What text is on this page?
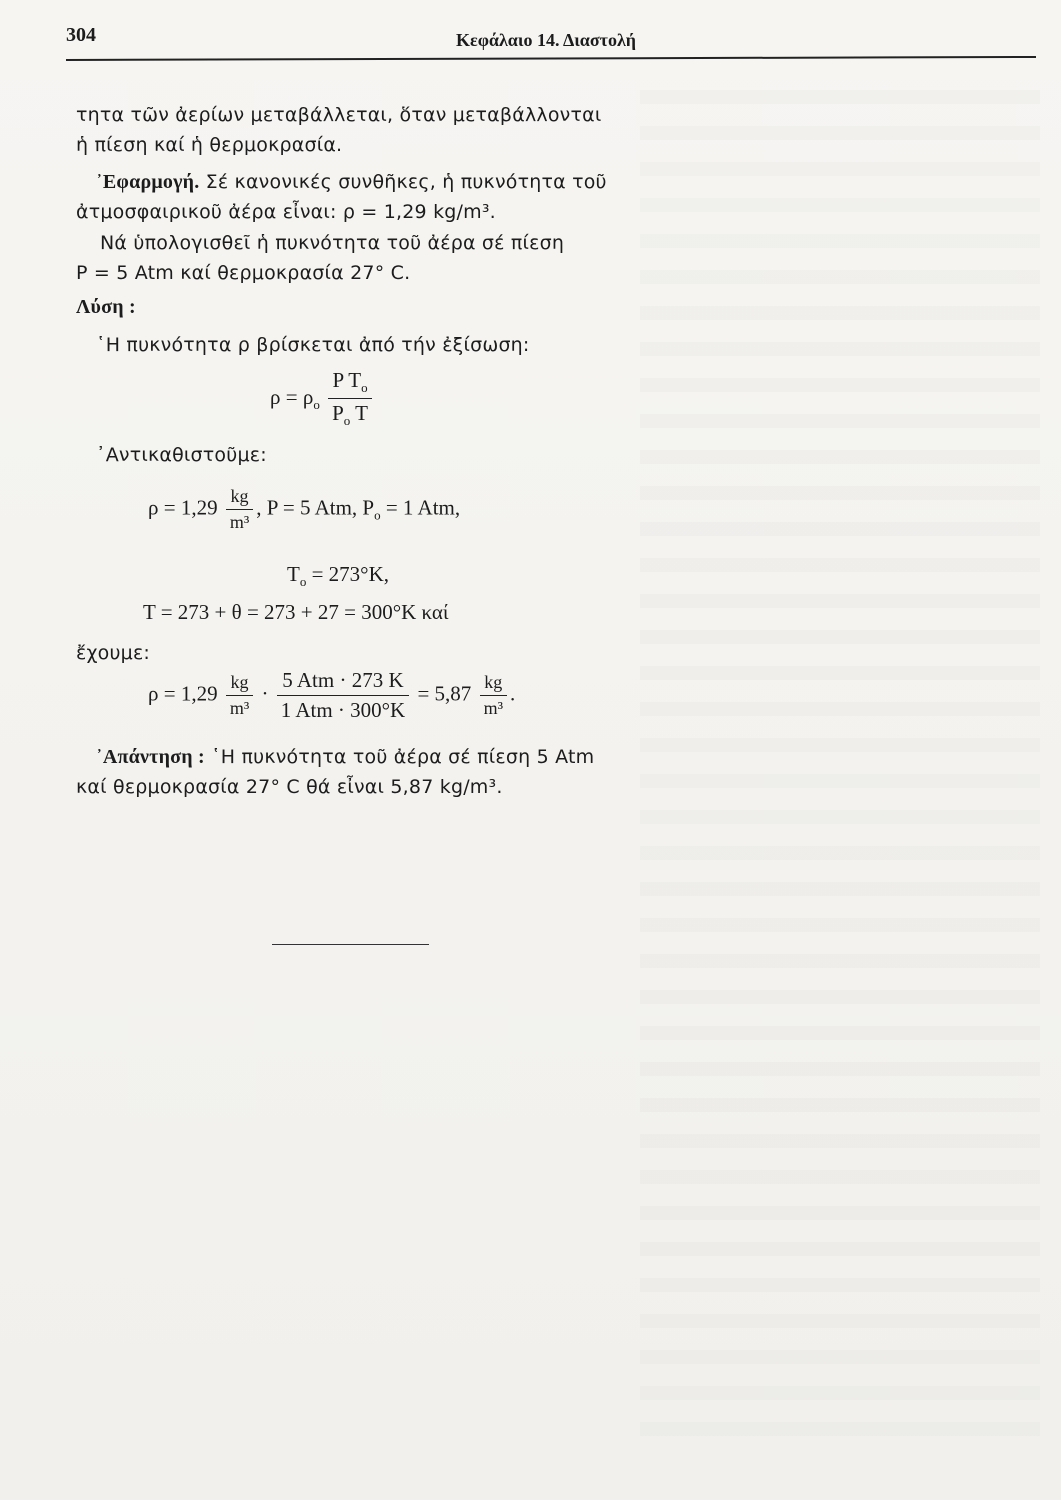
304	Κεφάλαιο 14. Διαστολή
τητα τῶν ἀερίων μεταβάλλεται, ὅταν μεταβάλλονται
ἡ πίεση καί ἡ θερμοκρασία.
᾿Εφαρμογή. Σέ κανονικές συνθῆκες, ἡ πυκνότητα τοῦ
ἀτμοσφαιρικοῦ ἀέρα εἶναι: ρ = 1,29 kg/m³.
Νά ὑπολογισθεῖ ἡ πυκνότητα τοῦ ἀέρα σέ πίεση
P = 5 Atm καί θερμοκρασία 27° C.
Λύση :
῾Η πυκνότητα ρ βρίσκεται ἀπό τήν ἐξίσωση:
$\rho = \rho_o \frac{P T_o}{P_o T}$
᾿Αντικαθιστοῦμε:
$\rho = 1,29 \frac{kg}{\text{m³}}$ , P = 5 Atm, $P_o = 1$ Atm,
$T_o = 273^\circ K$,
T = 273 + θ = 273 + 27 = 300°K καί
ἔχουμε:
$\rho = 1,29 \frac{kg}{\text{m³}} \cdot \frac{\text{5 Atm · 273 K}}{\text{1 Atm · 300°K}} = 5,87 \frac{kg}{\text{m³}}$ .
᾿Απάντηση : ῾Η πυκνότητα τοῦ ἀέρα σέ πίεση 5 Atm
καί θερμοκρασία 27° C θά εἶναι 5,87 kg/m³.
